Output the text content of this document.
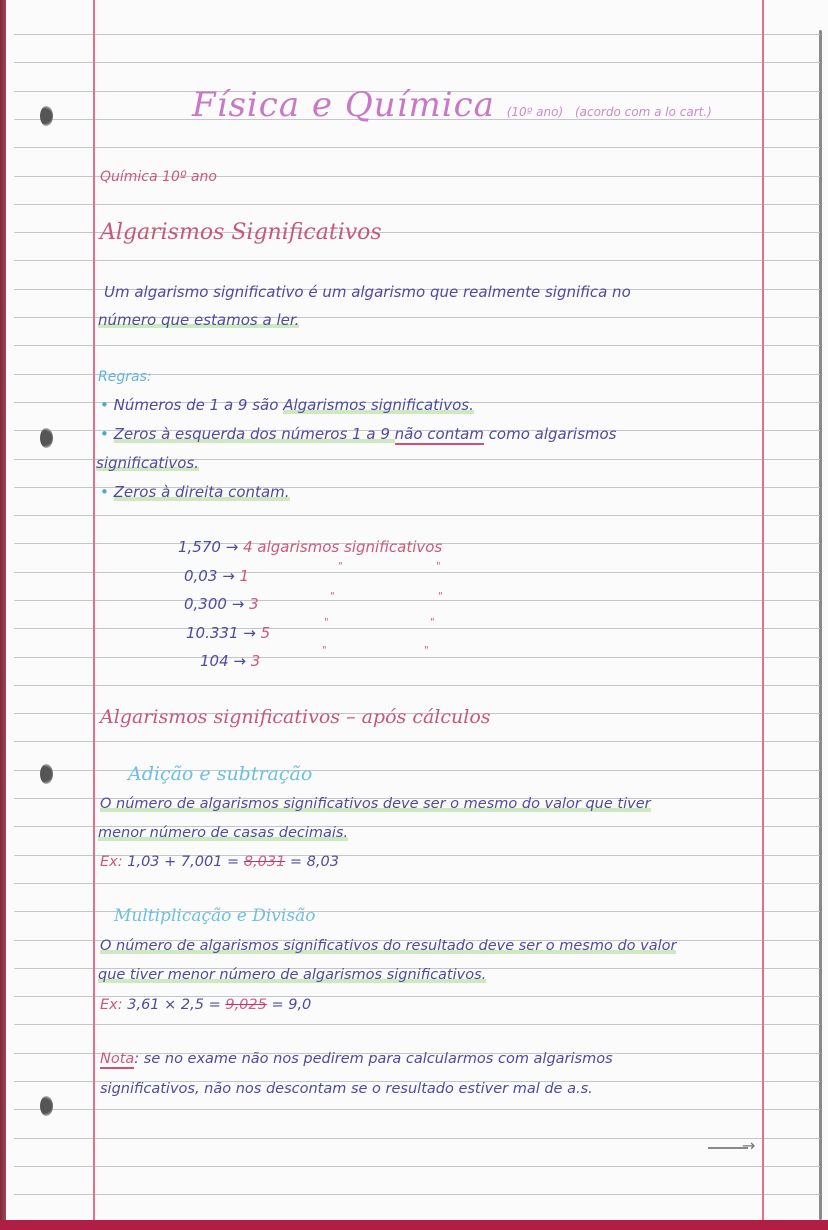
Física e Química (10º ano) (acordo com a lo cart.)
Química 10º ano
Algarismos Significativos
Um algarismo significativo é um algarismo que realmente significa no
número que estamos a ler.
Regras:
• Números de 1 a 9 são Algarismos significativos.
• Zeros à esquerda dos números 1 a 9 não contam como algarismos
significativos.
• Zeros à direita contam.
1,570 → 4 algarismos significativos
0,03 → 1
"	"
0,300 → 3	"	"
10.331 → 5
"	"
104 → 3
"	"
Algarismos significativos – após cálculos
Adição e subtração
O número de algarismos significativos deve ser o mesmo do valor que tiver
menor número de casas decimais.
Ex: 1,03 + 7,001 = 8,031 = 8,03
Multiplicação e Divisão
O número de algarismos significativos do resultado deve ser o mesmo do valor
que tiver menor número de algarismos significativos.
Ex: 3,61 × 2,5 = 9,025 = 9,0
Nota: se no exame não nos pedirem para calcularmos com algarismos
significativos, não nos descontam se o resultado estiver mal de a.s.
→
